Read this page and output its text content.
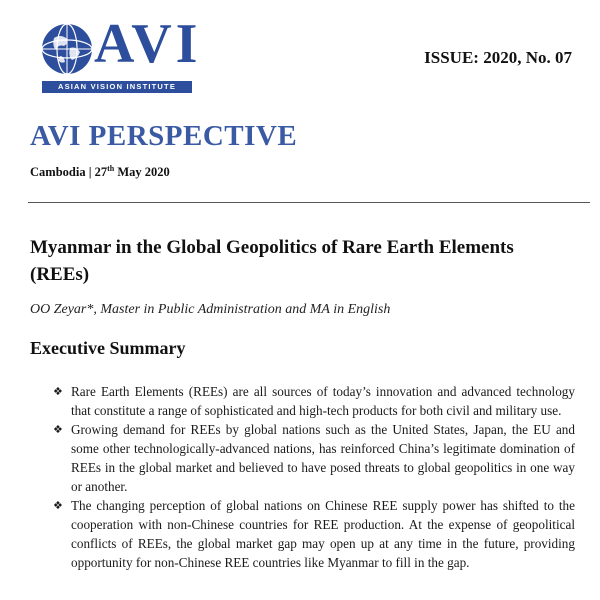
AVI
ASIAN VISION INSTITUTE
ISSUE: 2020, No. 07
AVI PERSPECTIVE
Cambodia | 27th May 2020
Myanmar in the Global Geopolitics of Rare Earth Elements (REEs)
OO Zeyar*, Master in Public Administration and MA in English
Executive Summary
❖ Rare Earth Elements (REEs) are all sources of today’s innovation and advanced technology that constitute a range of sophisticated and high-tech products for both civil and military use.
❖ Growing demand for REEs by global nations such as the United States, Japan, the EU and some other technologically-advanced nations, has reinforced China’s legitimate domination of REEs in the global market and believed to have posed threats to global geopolitics in one way or another.
❖ The changing perception of global nations on Chinese REE supply power has shifted to the cooperation with non-Chinese countries for REE production. At the expense of geopolitical conflicts of REEs, the global market gap may open up at any time in the future, providing opportunity for non-Chinese REE countries like Myanmar to fill in the gap.
